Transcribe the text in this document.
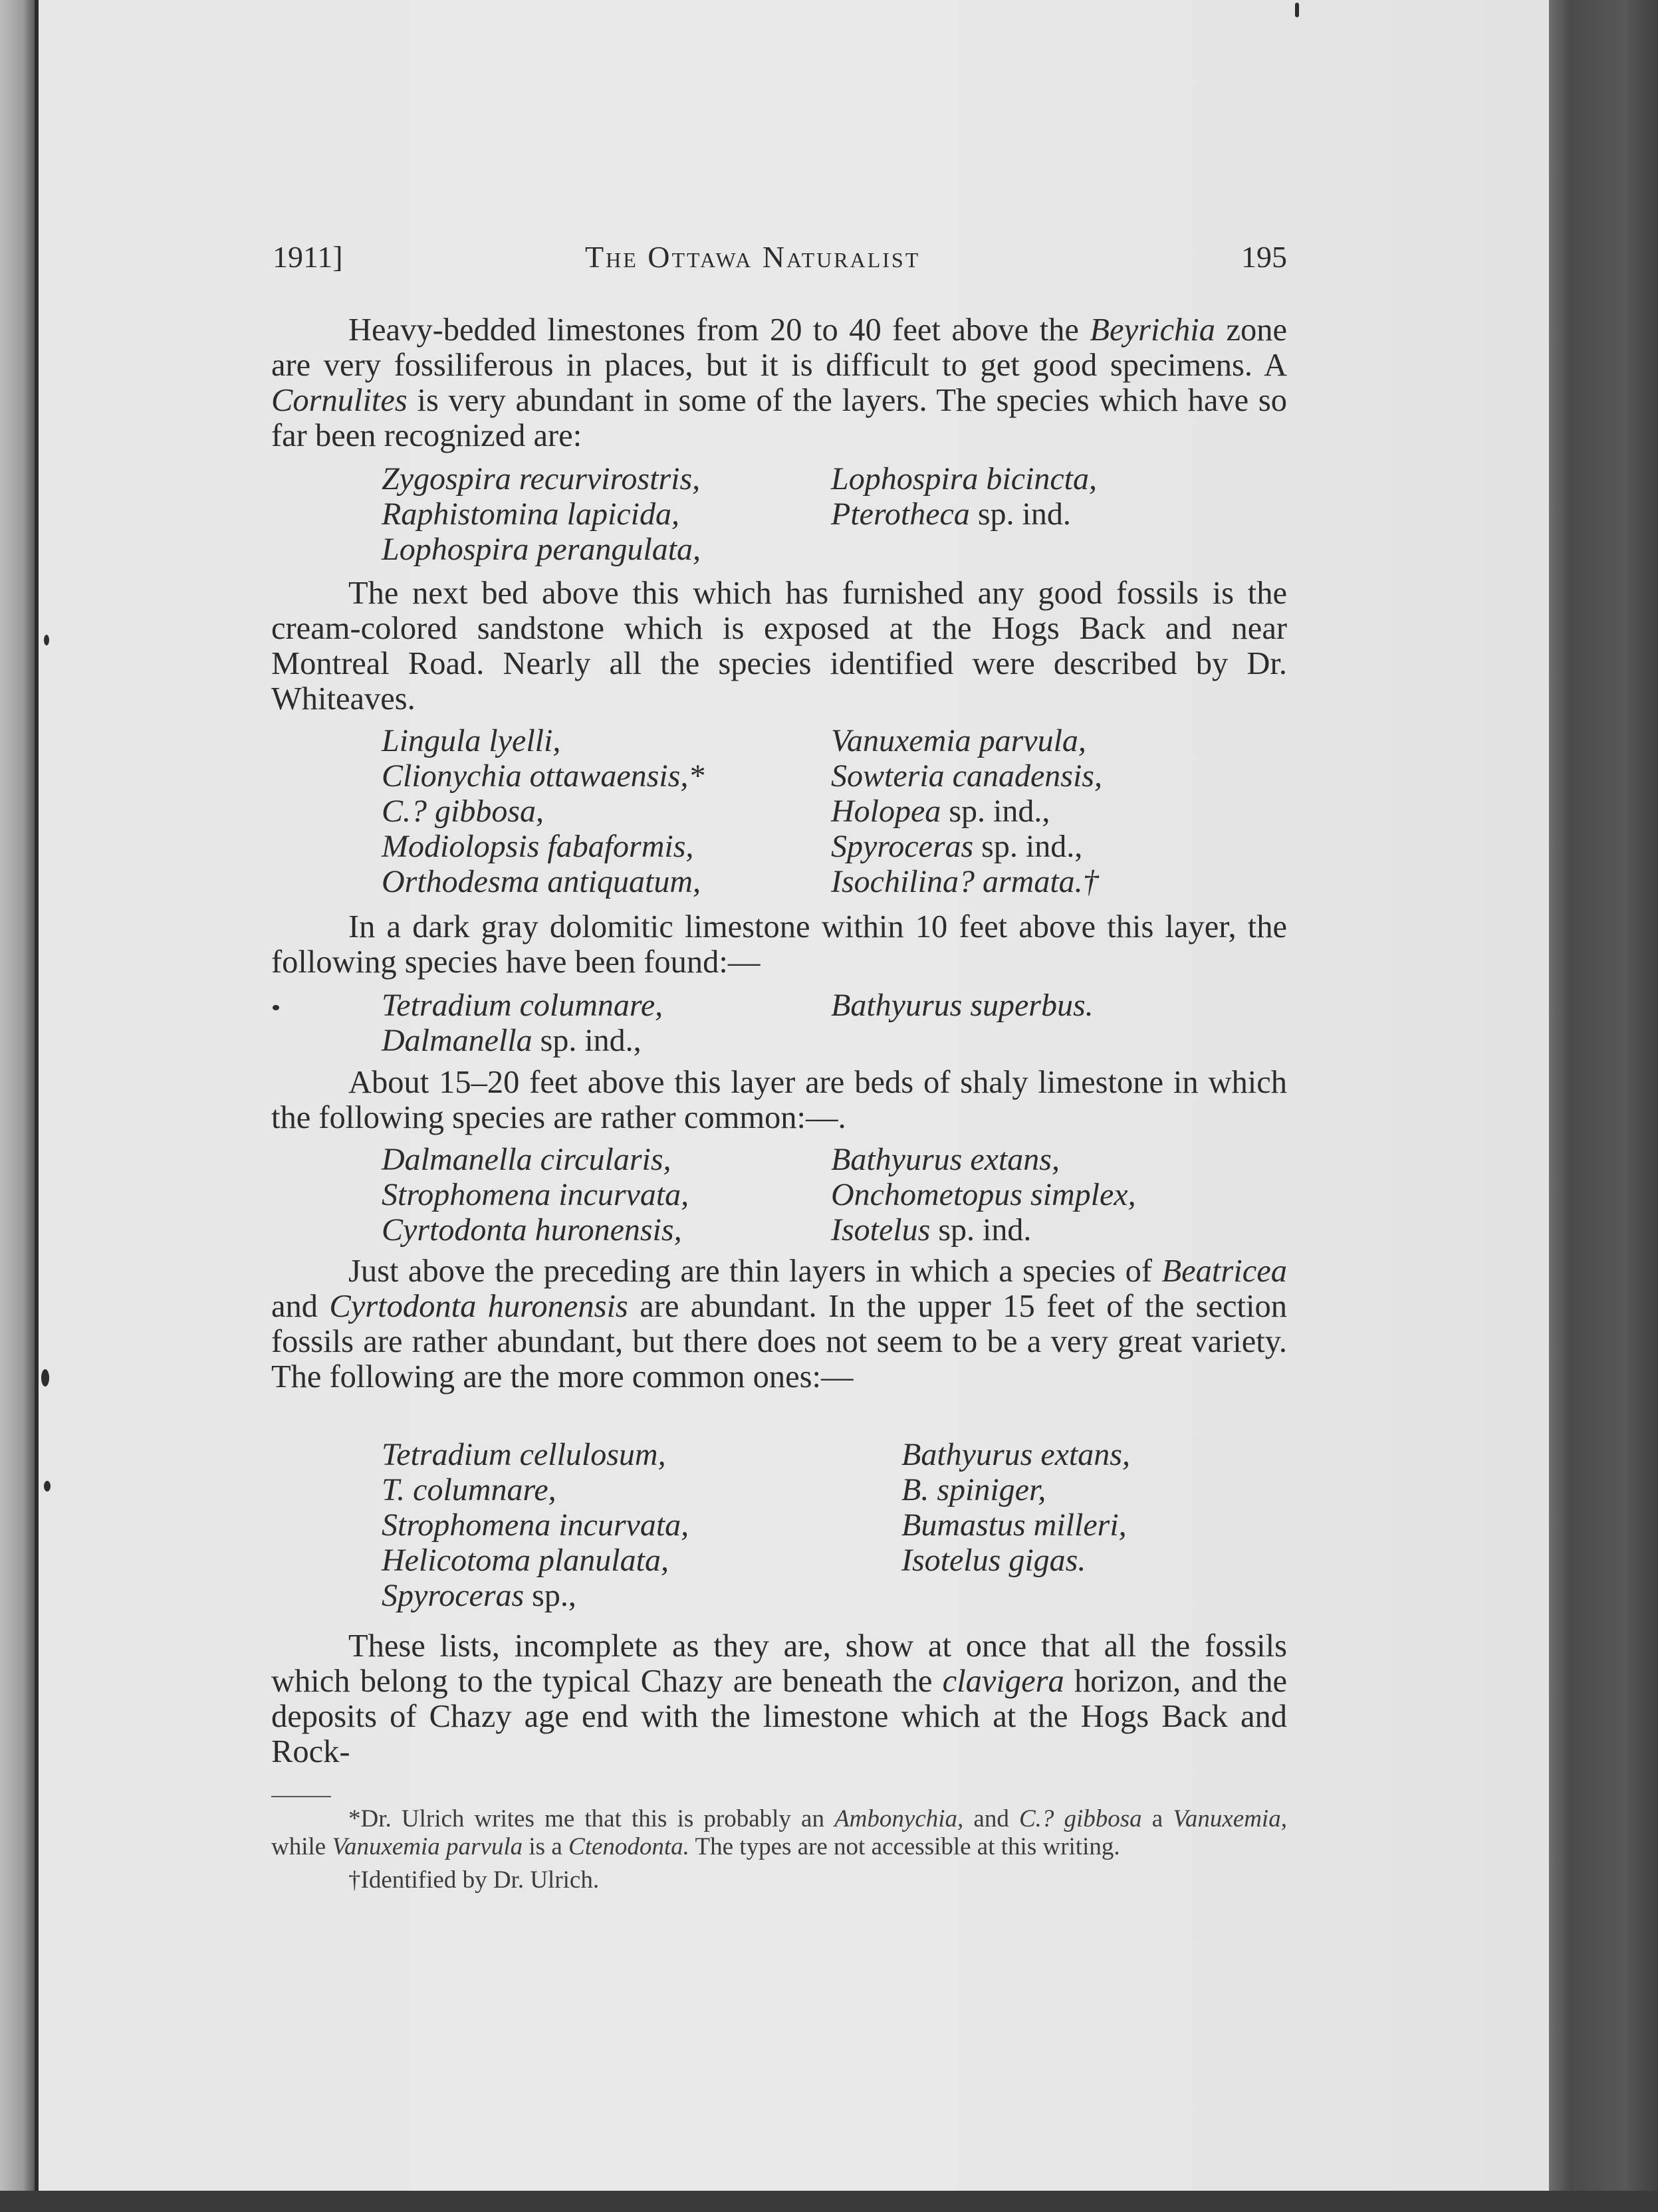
1911]	The Ottawa Naturalist	195

Heavy-bedded limestones from 20 to 40 feet above the Beyrichia zone are very fossiliferous in places, but it is difficult to get good specimens. A Cornulites is very abundant in some of the layers. The species which have so far been recognized are:

Zygospira recurvirostris,	Lophospira bicincta,
Raphistomina lapicida,	Pterotheca sp. ind.
Lophospira perangulata,

The next bed above this which has furnished any good fossils is the cream-colored sandstone which is exposed at the Hogs Back and near Montreal Road. Nearly all the species identified were described by Dr. Whiteaves.

Lingula lyelli,	Vanuxemia parvula,
Clionychia ottawaensis,*	Sowteria canadensis,
C.? gibbosa,	Holopea sp. ind.,
Modiolopsis fabaformis,	Spyroceras sp. ind.,
Orthodesma antiquatum,	Isochilina? armata.†

In a dark gray dolomitic limestone within 10 feet above this layer, the following species have been found:—

Tetradium columnare,	Bathyurus superbus.
Dalmanella sp. ind.,

About 15–20 feet above this layer are beds of shaly limestone in which the following species are rather common:—.

Dalmanella circularis,	Bathyurus extans,
Strophomena incurvata,	Onchometopus simplex,
Cyrtodonta huronensis,	Isotelus sp. ind.

Just above the preceding are thin layers in which a species of Beatricea and Cyrtodonta huronensis are abundant. In the upper 15 feet of the section fossils are rather abundant, but there does not seem to be a very great variety. The following are the more common ones:—

Tetradium cellulosum,	Bathyurus extans,
T. columnare,	B. spiniger,
Strophomena incurvata,	Bumastus milleri,
Helicotoma planulata,	Isotelus gigas.
Spyroceras sp.,

These lists, incomplete as they are, show at once that all the fossils which belong to the typical Chazy are beneath the clavigera horizon, and the deposits of Chazy age end with the limestone which at the Hogs Back and Rock-

*Dr. Ulrich writes me that this is probably an Ambonychia, and C.? gibbosa a Vanuxemia, while Vanuxemia parvula is a Ctenodonta. The types are not accessible at this writing.

†Identified by Dr. Ulrich.
